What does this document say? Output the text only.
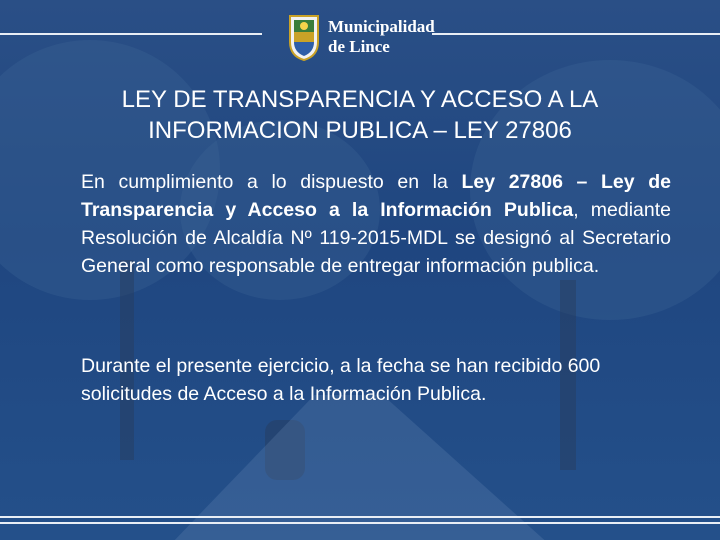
Municipalidad
de Lince
LEY DE TRANSPARENCIA Y ACCESO A LA
INFORMACION PUBLICA – LEY 27806

En cumplimiento a lo dispuesto en la Ley 27806 – Ley de Transparencia y Acceso a la Información Publica, mediante Resolución de Alcaldía Nº 119-2015-MDL se designó al Secretario General como responsable de entregar información publica.

Durante el presente ejercicio, a la fecha se han recibido 600 solicitudes de Acceso a la Información Publica.
